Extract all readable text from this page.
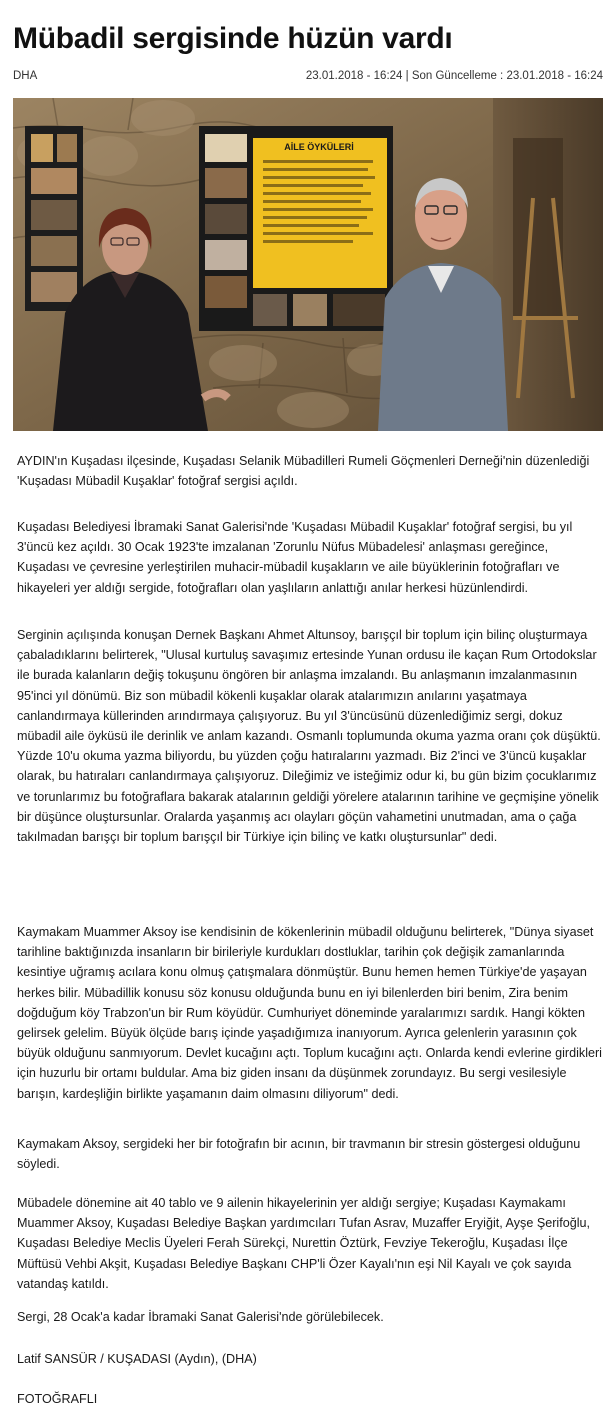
Mübadil sergisinde hüzün vardı
DHA	23.01.2018 - 16:24 | Son Güncelleme : 23.01.2018 - 16:24
AİLE ÖYKÜLERİ

AYDIN'ın Kuşadası ilçesinde, Kuşadası Selanik Mübadilleri Rumeli Göçmenleri Derneği'nin düzenlediği 'Kuşadası Mübadil Kuşaklar' fotoğraf sergisi açıldı.

Kuşadası Belediyesi İbramaki Sanat Galerisi'nde 'Kuşadası Mübadil Kuşaklar' fotoğraf sergisi, bu yıl 3'üncü kez açıldı. 30 Ocak 1923'te imzalanan 'Zorunlu Nüfus Mübadelesi' anlaşması gereğince, Kuşadası ve çevresine yerleştirilen muhacir-mübadil kuşakların ve aile büyüklerinin fotoğrafları ve hikayeleri yer aldığı sergide, fotoğrafları olan yaşlıların anlattığı anılar herkesi hüzünlendirdi.

Serginin açılışında konuşan Dernek Başkanı Ahmet Altunsoy, barışçıl bir toplum için bilinç oluşturmaya çabaladıklarını belirterek, "Ulusal kurtuluş savaşımız ertesinde Yunan ordusu ile kaçan Rum Ortodokslar ile burada kalanların değiş tokuşunu öngören bir anlaşma imzalandı. Bu anlaşmanın imzalanmasının 95'inci yıl dönümü. Biz son mübadil kökenli kuşaklar olarak atalarımızın anılarını yaşatmaya canlandırmaya küllerinden arındırmaya çalışıyoruz. Bu yıl 3'üncüsünü düzenlediğimiz sergi, dokuz mübadil aile öyküsü ile derinlik ve anlam kazandı. Osmanlı toplumunda okuma yazma oranı çok düşüktü. Yüzde 10'u okuma yazma biliyordu, bu yüzden çoğu hatıralarını yazmadı. Biz 2'inci ve 3'üncü kuşaklar olarak, bu hatıraları canlandırmaya çalışıyoruz. Dileğimiz ve isteğimiz odur ki, bu gün bizim çocuklarımız ve torunlarımız bu fotoğraflara bakarak atalarının geldiği yörelere atalarının tarihine ve geçmişine yönelik bir düşünce oluştursunlar. Oralarda yaşanmış acı olayları göçün vahametini unutmadan, ama o çağa takılmadan barışçı bir toplum barışçıl bir Türkiye için bilinç ve katkı oluştursunlar" dedi.

Kaymakam Muammer Aksoy ise kendisinin de kökenlerinin mübadil olduğunu belirterek, "Dünya siyaset tarihline baktığınızda insanların bir birileriyle kurdukları dostluklar, tarihin çok değişik zamanlarında kesintiye uğramış acılara konu olmuş çatışmalara dönmüştür. Bunu hemen hemen Türkiye'de yaşayan herkes bilir. Mübadillik konusu söz konusu olduğunda bunu en iyi bilenlerden biri benim, Zira benim doğduğum köy Trabzon'un bir Rum köyüdür. Cumhuriyet döneminde yaralarımızı sardık. Hangi kökten gelirsek gelelim. Büyük ölçüde barış içinde yaşadığımıza inanıyorum. Ayrıca gelenlerin yarasının çok büyük olduğunu sanmıyorum. Devlet kucağını açtı. Toplum kucağını açtı. Onlarda kendi evlerine girdikleri için huzurlu bir ortamı buldular. Ama biz giden insanı da düşünmek zorundayız. Bu sergi vesilesiyle barışın, kardeşliğin birlikte yaşamanın daim olmasını diliyorum" dedi.

Kaymakam Aksoy, sergideki her bir fotoğrafın bir acının, bir travmanın bir stresin göstergesi olduğunu söyledi.

Mübadele dönemine ait 40 tablo ve 9 ailenin hikayelerinin yer aldığı sergiye; Kuşadası Kaymakamı Muammer Aksoy, Kuşadası Belediye Başkan yardımcıları Tufan Asrav, Muzaffer Eryiğit, Ayşe Şerifoğlu, Kuşadası Belediye Meclis Üyeleri Ferah Sürekçi, Nurettin Öztürk, Fevziye Tekeroğlu, Kuşadası İlçe Müftüsü Vehbi Akşit, Kuşadası Belediye Başkanı CHP'li Özer Kayalı'nın eşi Nil Kayalı ve çok sayıda vatandaş katıldı.

Sergi, 28 Ocak'a kadar İbramaki Sanat Galerisi'nde görülebilecek.

Latif SANSÜR / KUŞADASI (Aydın), (DHA)

FOTOĞRAFLI
